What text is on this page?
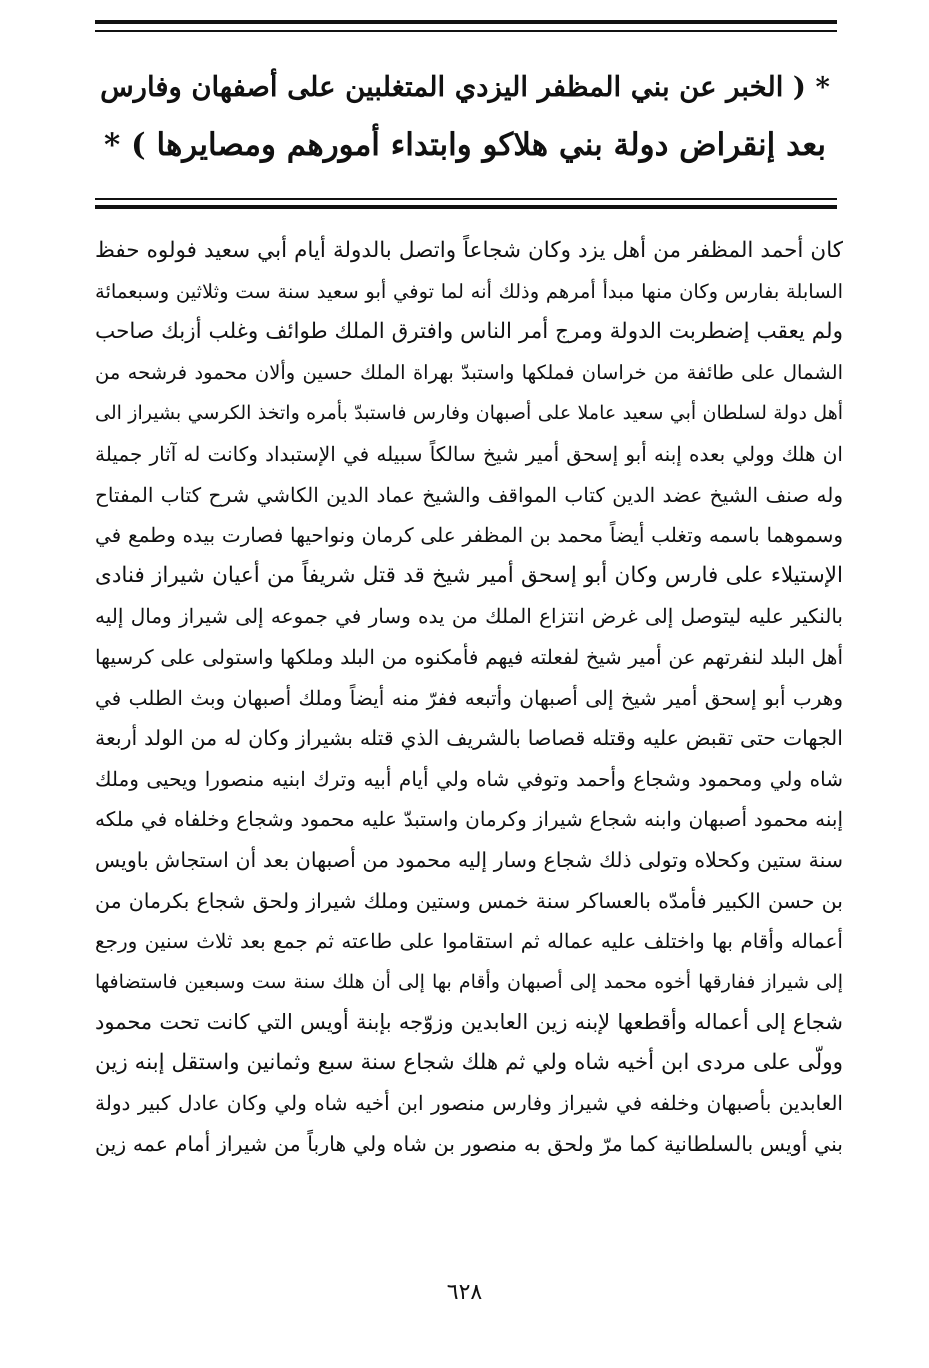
* ( الخبر عن بني المظفر اليزدي المتغلبين على أصفهان وفارس
بعد إنقراض دولة بني هلاكو وابتداء أمورهم ومصايرها ) *
كان أحمد المظفر من أهل يزد وكان شجاعاً واتصل بالدولة أيام أبي سعيد فولوه حفظ
السابلة بفارس وكان منها مبدأ أمرهم وذلك أنه لما توفي أبو سعيد سنة ست وثلاثين وسبعمائة
ولم يعقب إضطربت الدولة ومرج أمر الناس وافترق الملك طوائف وغلب أزبك صاحب
الشمال على طائفة من خراسان فملكها واستبدّ بهراة الملك حسين وألان محمود فرشحه من
أهل دولة لسلطان أبي سعيد عاملا على أصبهان وفارس فاستبدّ بأمره واتخذ الكرسي بشيراز الى
ان هلك وولي بعده إبنه أبو إسحق أمير شيخ سالكاً سبيله في الإستبداد وكانت له آثار جميلة
وله صنف الشيخ عضد الدين كتاب المواقف والشيخ عماد الدين الكاشي شرح كتاب المفتاح
وسموهما باسمه وتغلب أيضاً محمد بن المظفر على كرمان ونواحيها فصارت بيده وطمع في
الإستيلاء على فارس وكان أبو إسحق أمير شيخ قد قتل شريفاً من أعيان شيراز فنادى
بالنكير عليه ليتوصل إلى غرض انتزاع الملك من يده وسار في جموعه إلى شيراز ومال إليه
أهل البلد لنفرتهم عن أمير شيخ لفعلته فيهم فأمكنوه من البلد وملكها واستولى على كرسيها
وهرب أبو إسحق أمير شيخ إلى أصبهان وأتبعه ففرّ منه أيضاً وملك أصبهان وبث الطلب في
الجهات حتى تقبض عليه وقتله قصاصا بالشريف الذي قتله بشيراز وكان له من الولد أربعة
شاه ولي ومحمود وشجاع وأحمد وتوفي شاه ولي أيام أبيه وترك ابنيه منصورا ويحيى وملك
إبنه محمود أصبهان وابنه شجاع شيراز وكرمان واستبدّ عليه محمود وشجاع وخلفاه في ملكه
سنة ستين وكحلاه وتولى ذلك شجاع وسار إليه محمود من أصبهان بعد أن استجاش باويس
بن حسن الكبير فأمدّه بالعساكر سنة خمس وستين وملك شيراز ولحق شجاع بكرمان من
أعماله وأقام بها واختلف عليه عماله ثم استقاموا على طاعته ثم جمع بعد ثلاث سنين ورجع
إلى شيراز ففارقها أخوه محمد إلى أصبهان وأقام بها إلى أن هلك سنة ست وسبعين فاستضافها
شجاع إلى أعماله وأقطعها لإبنه زين العابدين وزوّجه بإبنة أويس التي كانت تحت محمود
وولّى على مردى ابن أخيه شاه ولي ثم هلك شجاع سنة سبع وثمانين واستقل إبنه زين
العابدين بأصبهان وخلفه في شيراز وفارس منصور ابن أخيه شاه ولي وكان عادل كبير دولة
بني أويس بالسلطانية كما مرّ ولحق به منصور بن شاه ولي هارباً من شيراز أمام عمه زين
٦٢٨
